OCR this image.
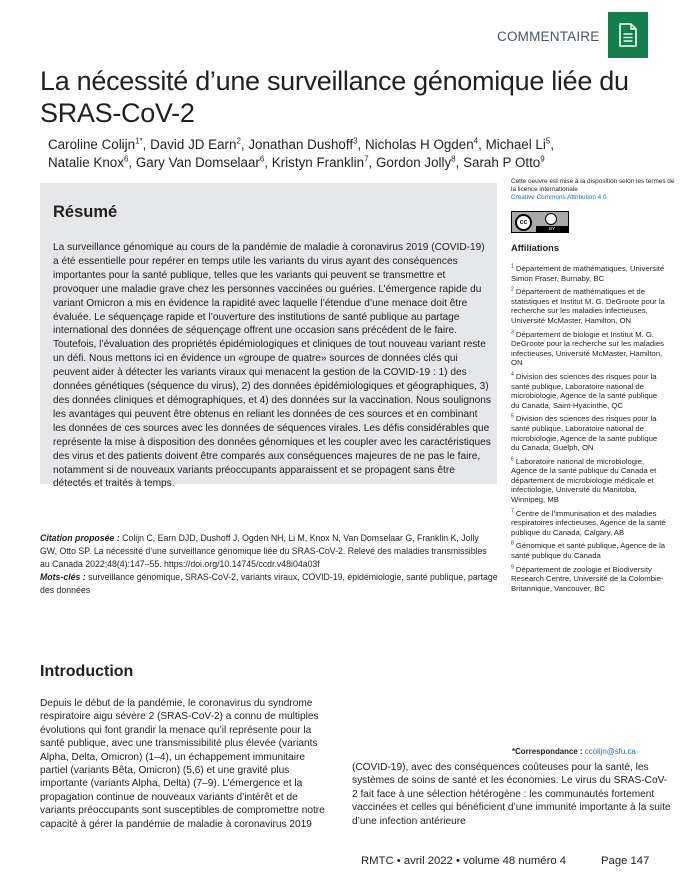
COMMENTAIRE
La nécessité d’une surveillance génomique liée du SRAS-CoV-2
Caroline Colijn$^{1*}$, David JD Earn$^2$, Jonathan Dushoff$^3$, Nicholas H Ogden$^4$, Michael Li$^5$,
Natalie Knox$^6$, Gary Van Domselaar$^6$, Kristyn Franklin$^7$, Gordon Jolly$^8$, Sarah P Otto$^9$
Résumé

La surveillance génomique au cours de la pandémie de maladie à coronavirus 2019 (COVID-19) a été essentielle pour repérer en temps utile les variants du virus ayant des conséquences importantes pour la santé publique, telles que les variants qui peuvent se transmettre et provoquer une maladie grave chez les personnes vaccinées ou guéries. L’émergence rapide du variant Omicron a mis en évidence la rapidité avec laquelle l’étendue d’une menace doit être évaluée. Le séquençage rapide et l’ouverture des institutions de santé publique au partage international des données de séquençage offrent une occasion sans précédent de le faire. Toutefois, l’évaluation des propriétés épidémiologiques et cliniques de tout nouveau variant reste un défi. Nous mettons ici en évidence un «groupe de quatre» sources de données clés qui peuvent aider à détecter les variants viraux qui menacent la gestion de la COVID-19 : 1) des données génétiques (séquence du virus), 2) des données épidémiologiques et géographiques, 3) des données cliniques et démographiques, et 4) des données sur la vaccination. Nous soulignons les avantages qui peuvent être obtenus en reliant les données de ces sources et en combinant les données de ces sources avec les données de séquences virales. Les défis considérables que représente la mise à disposition des données génomiques et les coupler avec les caractéristiques des virus et des patients doivent être comparés aux conséquences majeures de ne pas le faire, notamment si de nouveaux variants préoccupants apparaissent et se propagent sans être détectés et traités à temps.

Citation proposée : Colijn C, Earn DJD, Dushoff J, Ogden NH, Li M, Knox N, Van Domselaar G, Franklin K, Jolly GW, Otto SP. La nécessité d’une surveillance génomique liée du SRAS-CoV-2. Relevé des maladies transmissibles au Canada 2022;48(4):147–55. https://doi.org/10.14745/ccdr.v48i04a03f
Mots-clés : surveillance génomique, SRAS-CoV-2, variants viraux, COVID-19, épidémiologie, santé publique, partage des données
Introduction

Depuis le début de la pandémie, le coronavirus du syndrome respiratoire aigu sévère 2 (SRAS-CoV-2) a connu de multiples évolutions qui font grandir la menace qu’il représente pour la santé publique, avec une transmissibilité plus élevée (variants Alpha, Delta, Omicron) (1–4), un échappement immunitaire partiel (variants Bêta, Omicron) (5,6) et une gravité plus importante (variants Alpha, Delta) (7–9). L’émergence et la propagation continue de nouveaux variants d’intérêt et de variants préoccupants sont susceptibles de compromettre notre capacité à gérer la pandémie de maladie à coronavirus 2019

(COVID-19), avec des conséquences coûteuses pour la santé, les systèmes de soins de santé et les économies. Le virus du SRAS-CoV-2 fait face à une sélection hétérogène : les communautés fortement vaccinées et celles qui bénéficient d’une immunité importante à la suite d’une infection antérieure

Cette oeuvre est mise à la disposition selon les termes de la licence internationale
Creative Commons Attribution 4.0
cc
BY
Affiliations
$^1$ Département de mathématiques, Université Simon Fraser, Burnaby, BC
$^2$ Département de mathématiques et de statistiques et Institut M. G. DeGroote pour la recherche sur les maladies infectieuses, Université McMaster, Hamilton, ON
$^3$ Département de biologie et Institut M. G. DeGroote pour la recherche sur les maladies infectieuses, Université McMaster, Hamilton, ON
$^4$ Division des sciences des risques pour la santé publique, Laboratoire national de microbiologie, Agence de la santé publique du Canada, Saint-Hyacinthe, QC
$^5$ Division des sciences des risques pour la santé publique, Laboratoire national de microbiologie, Agence de la santé publique du Canada, Guelph, ON
$^6$ Laboratoire national de microbiologie, Agence de la santé publique du Canada et département de microbiologie médicale et infectiologie, Université du Manitoba, Winnipeg, MB
$^7$ Centre de l’immunisation et des maladies respiratoires infectieuses, Agence de la santé publique du Canada, Calgary, AB
$^8$ Génomique et santé publique, Agence de la santé publique du Canada
$^9$ Département de zoologie et Biodiversity Research Centre, Université de la Colombie-Britannique, Vancouver, BC
*Correspondance : ccolijn@sfu.ca
RMTC • avril 2022 • volume 48 numéro 4	Page 147
